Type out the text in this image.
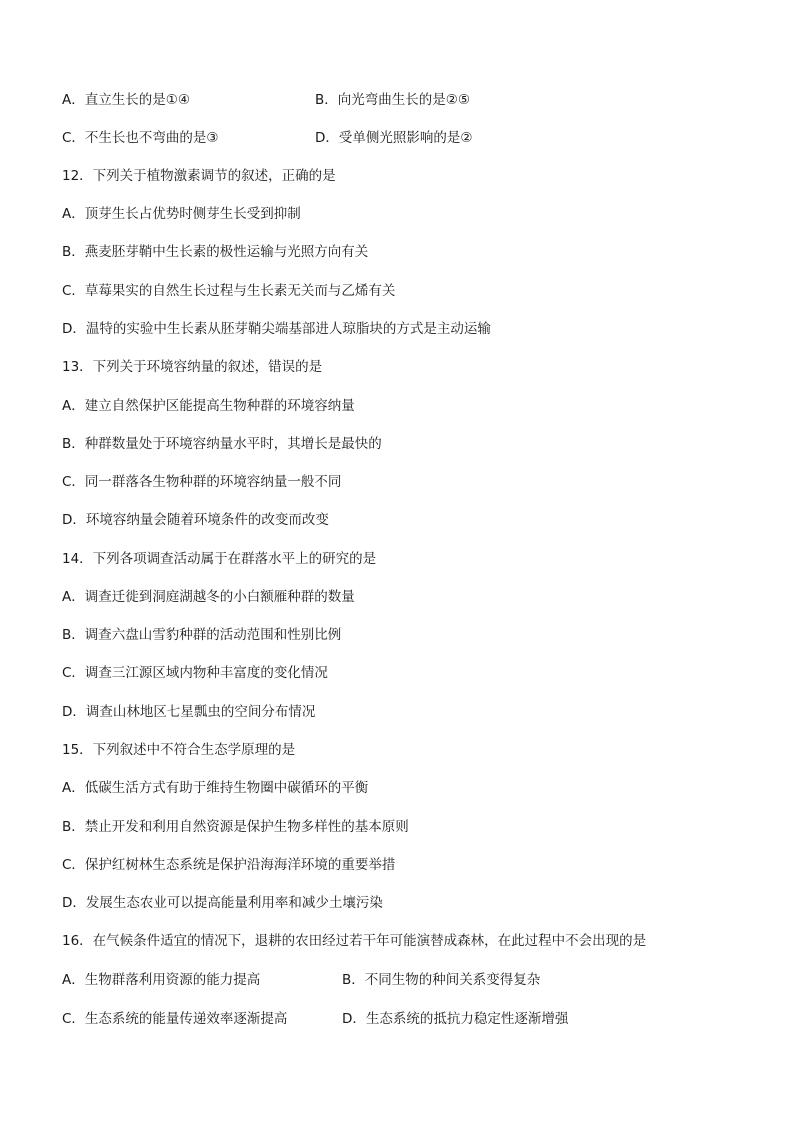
A．直立生长的是①④	B．向光弯曲生长的是②⑤
C．不生长也不弯曲的是③	D．受单侧光照影响的是②
12．下列关于植物激素调节的叙述，正确的是
A．顶芽生长占优势时侧芽生长受到抑制
B．燕麦胚芽鞘中生长素的极性运输与光照方向有关
C．草莓果实的自然生长过程与生长素无关而与乙烯有关
D．温特的实验中生长素从胚芽鞘尖端基部进人琼脂块的方式是主动运输
13．下列关于环境容纳量的叙述，错误的是
A．建立自然保护区能提高生物种群的环境容纳量
B．种群数量处于环境容纳量水平时，其增长是最快的
C．同一群落各生物种群的环境容纳量一般不同
D．环境容纳量会随着环境条件的改变而改变
14．下列各项调查活动属于在群落水平上的研究的是
A．调查迁徙到洞庭湖越冬的小白额雁种群的数量
B．调查六盘山雪豹种群的活动范围和性别比例
C．调查三江源区域内物种丰富度的变化情况
D．调查山林地区七星瓢虫的空间分布情况
15．下列叙述中不符合生态学原理的是
A．低碳生活方式有助于维持生物圈中碳循环的平衡
B．禁止开发和利用自然资源是保护生物多样性的基本原则
C．保护红树林生态系统是保护沿海海洋环境的重要举措
D．发展生态农业可以提高能量利用率和减少土壤污染
16．在气候条件适宜的情况下，退耕的农田经过若干年可能演替成森林，在此过程中不会出现的是
A．生物群落利用资源的能力提高	B．不同生物的种间关系变得复杂
C．生态系统的能量传递效率逐渐提高	D．生态系统的抵抗力稳定性逐渐增强
